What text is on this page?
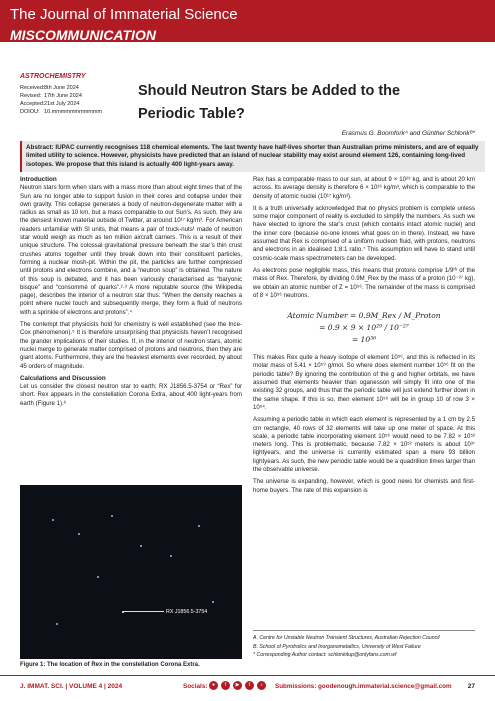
The Journal of Immaterial Science
MISCOMMUNICATION
ASTROCHEMISTRY
Received: 8th June 2024
Revised: 17th June 2024
Accepted: 21st July 2024
DOIOU: 10.mmmmmmmmmmm
Should Neutron Stars be Added to the Periodic Table?
Erasmus G. Boomforkᴬ and Günther Schlonkᴮ*
Abstract: IUPAC currently recognises 118 chemical elements. The last twenty have half-lives shorter than Australian prime ministers, and are of equally limited utility to science. However, physicists have predicted that an island of nuclear stability may exist around element 126, containing long-lived isotopes. We propose that this island is actually 400 light-years away.
Introduction

Neutron stars form when stars with a mass more than about eight times that of the Sun are no longer able to support fusion in their cores and collapse under their own gravity. This collapse generates a body of neutron-degenerate matter with a radius as small as 10 km, but a mass comparable to our Sun’s. As such, they are the densest known material outside of Twitter, at around 10¹⁷ kg/m³. For American readers unfamiliar with SI units, that means a pair of truck-nuts¹ made of neutron star would weigh as much as ten million aircraft carriers. This is a result of their unique structure. The colossal gravitational pressure beneath the star’s thin crust crushes atoms together until they break down into their constituent particles, forming a nuclear mosh-pit. Within the pit, the particles are further compressed until protons and electrons combine, and a “neutron soup” is obtained. The nature of this soup is debated, and it has been variously characterised as “baryonic bisque” and “consommé of quarks”.²·³ A more reputable source (the Wikipedia page), describes the interior of a neutron star thus: “When the density reaches a point where nuclei touch and subsequently merge, they form a fluid of neutrons with a sprinkle of electrons and protons”.⁴

The contempt that physicists hold for chemistry is well established (see the Ince-Cox phenomenon).⁵ It is therefore unsurprising that physicists haven’t recognised the grander implications of their studies. If, in the interior of neutron stars, atomic nuclei merge to generate matter comprised of protons and neutrons, then they are giant atoms. Furthermore, they are the heaviest elements ever recorded, by about 45 orders of magnitude.

Calculations and Discussion

Let us consider the closest neutron star to earth: RX J1856.5-3754 or “Rex” for short. Rex appears in the constellation Corona Extra, about 400 light-years from earth (Figure 1).⁶

RX J1856.5-3754
Figure 1: The location of Rex in the constellation Corona Extra.

Rex has a comparable mass to our sun, at about 9 × 10²⁹ kg, and is about 20 km across. Its average density is therefore 6 × 10¹⁶ kg/m³, which is comparable to the density of atomic nuclei (10¹⁷ kg/m³).

It is a truth universally acknowledged that no physics problem is complete unless some major component of reality is excluded to simplify the numbers. As such we have elected to ignore the star’s crust (which contains intact atomic nuclei) and the inner core (because no-one knows what goes on in there). Instead, we have assumed that Rex is comprised of a uniform nucleon fluid, with protons, neutrons and electrons in an idealised 1:8:1 ratio.⁷ This assumption will have to stand until cosmic-scale mass spectrometers can be developed.

As electrons pose negligible mass, this means that protons comprise 1/9ᵗʰ of the mass of Rex. Therefore, by dividing 0.9M_Rex by the mass of a proton (10⁻²⁷ kg), we obtain an atomic number of Z = 10⁵⁶. The remainder of the mass is comprised of 8 × 10⁵⁶ neutrons.

Atomic Number = 0.9M_Rex / M_Proton
= 0.9 × 9 × 10²⁹ / 10⁻²⁷
= 10⁵⁶

This makes Rex quite a heavy isotope of element 10⁵⁶, and this is reflected in its molar mass of 5.41 × 10⁵⁹ g/mol. So where does element number 10⁵⁶ fit on the periodic table? By ignoring the contribution of the g and higher orbitals, we have assumed that elements heavier than oganesson will simply fit into one of the existing 32 groups, and thus that the periodic table will just extend further down in the same shape. If this is so, then element 10⁵⁶ will be in group 10 of row 3 × 10⁵⁴.

Assuming a periodic table in which each element is represented by a 1 cm by 2.5 cm rectangle, 40 rows of 32 elements will take up one meter of space. At this scale, a periodic table incorporating element 10⁵⁶ would need to be 7.82 × 10⁵² meters long. This is problematic, because 7.82 × 10⁵² meters is about 10³⁷ lightyears, and the universe is currently estimated span a mere 93 billion lightyears. As such, the new periodic table would be a quadrillion times larger than the observable universe.

The universe is expanding, however, which is good news for chemists and first-home buyers. The rate of this expansion is

A. Centre for Unstable Neutron Transient Structures, Australian Rejection Council
B. School of Pyrofrolics and Inorganometallics, University of West Failure
* Corresponding Author contact: schlonkitup@onlyfans.com.wf
J. IMMAT. SCI. | VOLUME 4 | 2024	Socials: ●	f	▶	t	♪	Submissions: goodenough.immaterial.science@gmail.com 27
